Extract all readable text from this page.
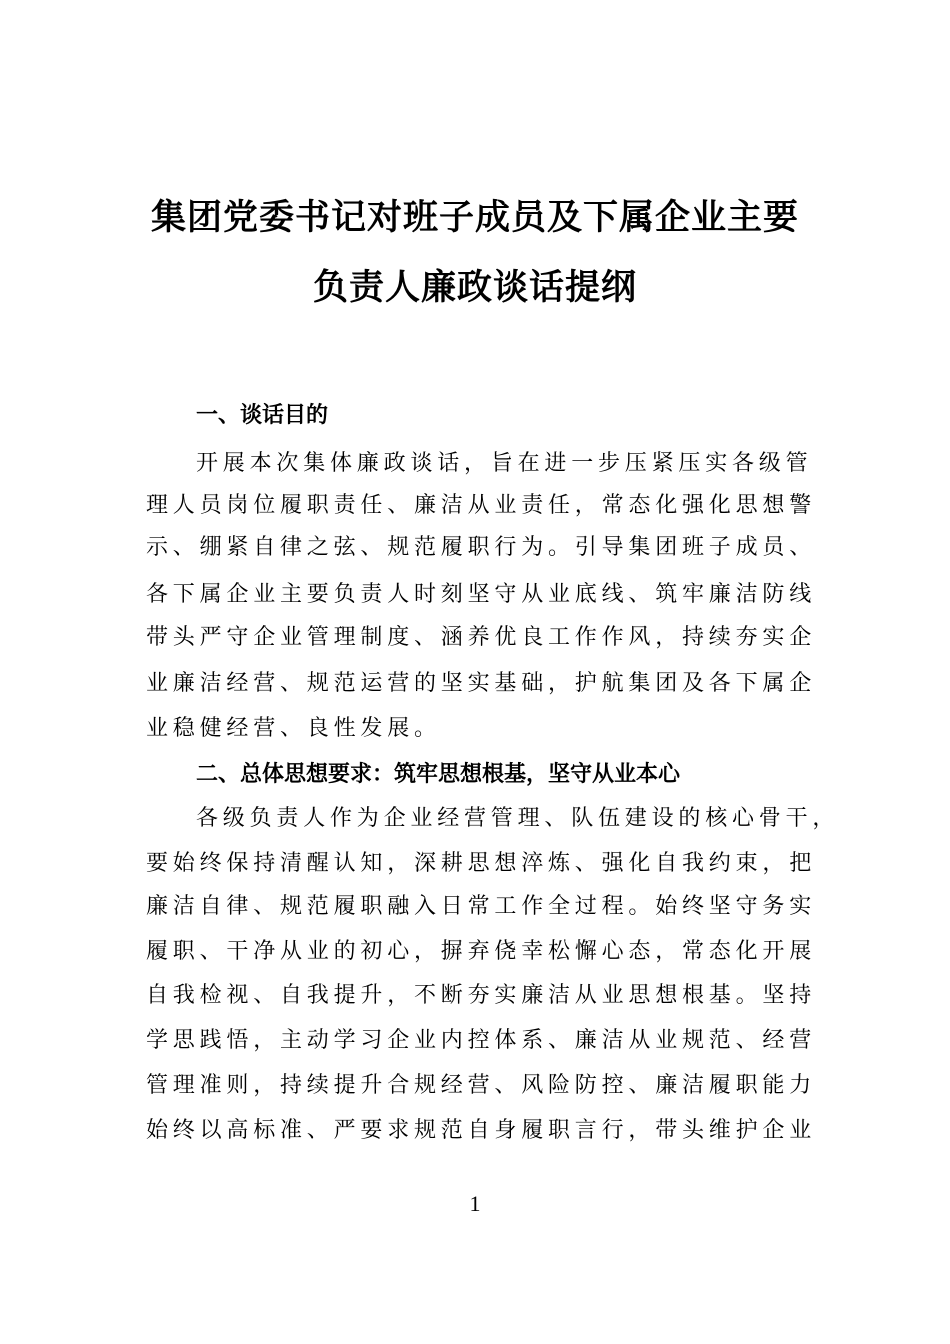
集团党委书记对班子成员及下属企业主要
负责人廉政谈话提纲
一、谈话目的
开展本次集体廉政谈话，旨在进一步压紧压实各级管
理人员岗位履职责任、廉洁从业责任，常态化强化思想警
示、绷紧自律之弦、规范履职行为。引导集团班子成员、
各下属企业主要负责人时刻坚守从业底线、筑牢廉洁防线
带头严守企业管理制度、涵养优良工作作风，持续夯实企
业廉洁经营、规范运营的坚实基础，护航集团及各下属企
业稳健经营、良性发展。
二、总体思想要求：筑牢思想根基，坚守从业本心
各级负责人作为企业经营管理、队伍建设的核心骨干，
要始终保持清醒认知，深耕思想淬炼、强化自我约束，把
廉洁自律、规范履职融入日常工作全过程。始终坚守务实
履职、干净从业的初心，摒弃侥幸松懈心态，常态化开展
自我检视、自我提升，不断夯实廉洁从业思想根基。坚持
学思践悟，主动学习企业内控体系、廉洁从业规范、经营
管理准则，持续提升合规经营、风险防控、廉洁履职能力
始终以高标准、严要求规范自身履职言行，带头维护企业
1
